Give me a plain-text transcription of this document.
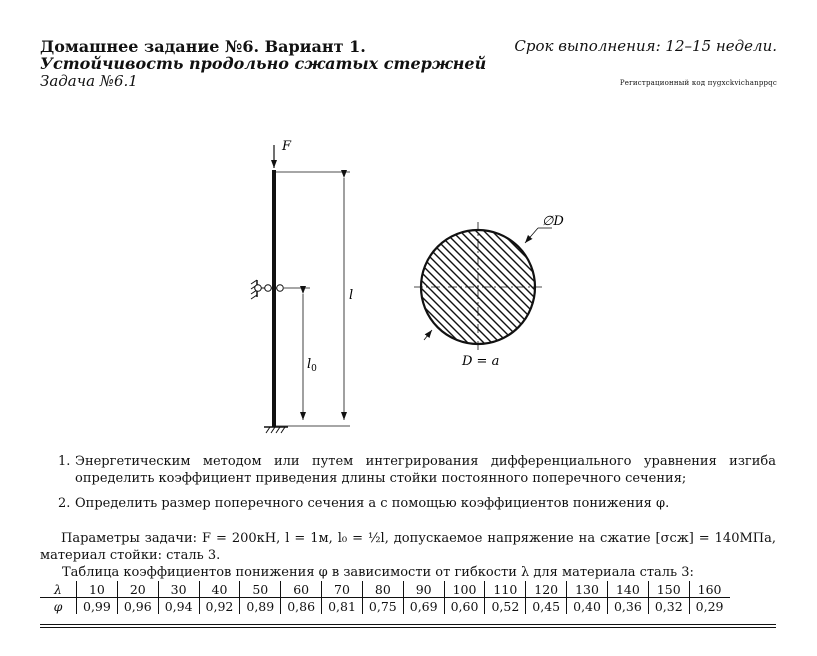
Домашнее задание №6. Вариант 1.	Срок выполнения: 12–15 недели.
Устойчивость продольно сжатых стержней
Задача №6.1	Регистрационный код пуgxckvichanppqc
F
l
$l_0$
∅D
D = a
1. Энергетическим методом или путем интегрирования дифференциального уравнения изгиба определить коэффициент приведения длины стойки постоянного поперечного сечения;
2. Определить размер поперечного сечения a с помощью коэффициентов понижения φ.
Параметры задачи: F = 200кН, l = 1м, l₀ = ½l, допускаемое напряжение на сжатие [σсж] = 140МПа, материал стойки: сталь 3.
Таблица коэффициентов понижения φ в зависимости от гибкости λ для материала сталь 3:
λ	10	20	30	40	50	60	70	80	90	100	110	120	130	140	150	160
φ	0,99	0,96	0,94	0,92	0,89	0,86	0,81	0,75	0,69	0,60	0,52	0,45	0,40	0,36	0,32	0,29
